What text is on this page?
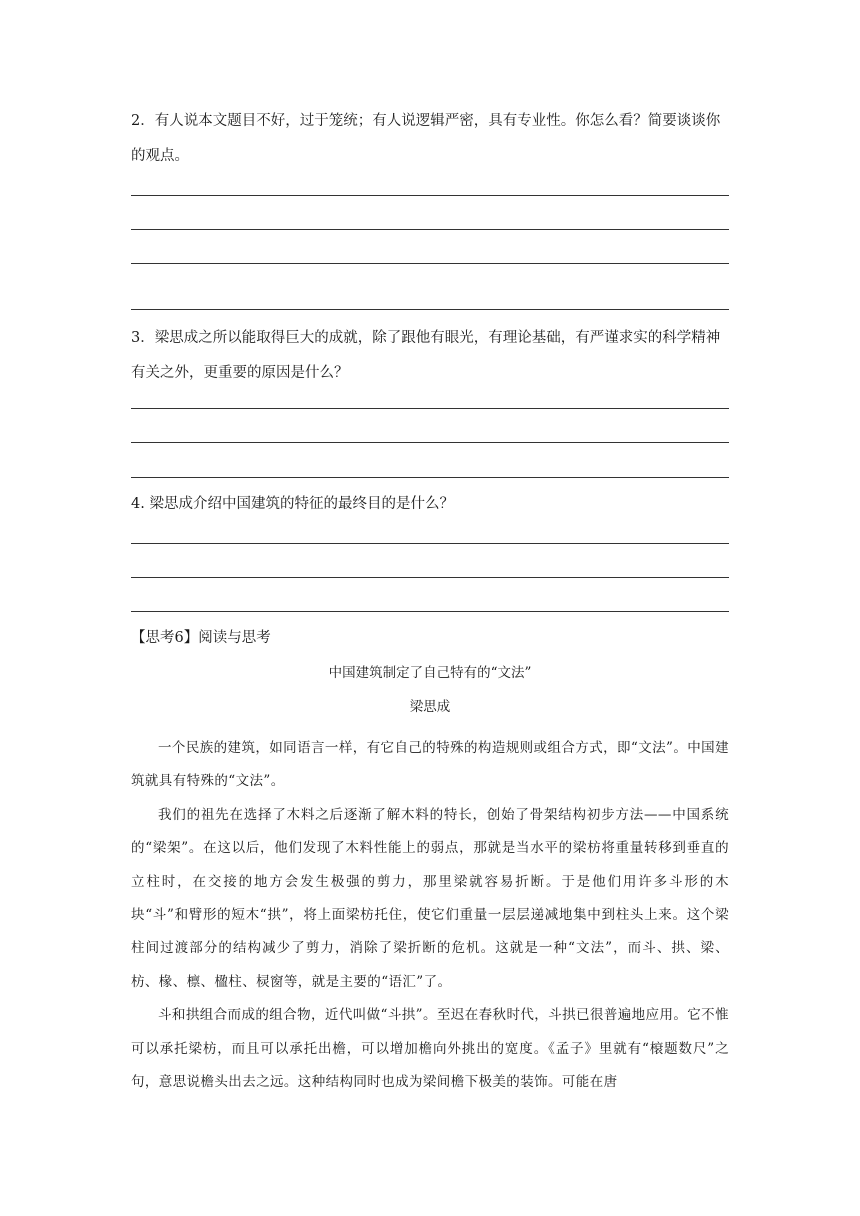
2．有人说本文题目不好，过于笼统；有人说逻辑严密，具有专业性。你怎么看？简要谈谈你的观点。
3．梁思成之所以能取得巨大的成就，除了跟他有眼光，有理论基础，有严谨求实的科学精神有关之外，更重要的原因是什么？
4. 梁思成介绍中国建筑的特征的最终目的是什么？
【思考6】阅读与思考
中国建筑制定了自己特有的“文法”
梁思成

一个民族的建筑，如同语言一样，有它自己的特殊的构造规则或组合方式，即“文法”。中国建筑就具有特殊的“文法”。

我们的祖先在选择了木料之后逐渐了解木料的特长，创始了骨架结构初步方法——中国系统的“梁架”。在这以后，他们发现了木料性能上的弱点，那就是当水平的梁枋将重量转移到垂直的立柱时，在交接的地方会发生极强的剪力，那里梁就容易折断。于是他们用许多斗形的木块“斗”和臂形的短木“拱”，将上面梁枋托住，使它们重量一层层递减地集中到柱头上来。这个梁柱间过渡部分的结构减少了剪力，消除了梁折断的危机。这就是一种“文法”，而斗、拱、梁、枋、椽、檩、楹柱、棂窗等，就是主要的“语汇”了。

斗和拱组合而成的组合物，近代叫做“斗拱”。至迟在春秋时代，斗拱已很普遍地应用。它不惟可以承托梁枋，而且可以承托出檐，可以增加檐向外挑出的宽度。《孟子》里就有“榱题数尺”之句，意思说檐头出去之远。这种结构同时也成为梁间檐下极美的装饰。可能在唐
